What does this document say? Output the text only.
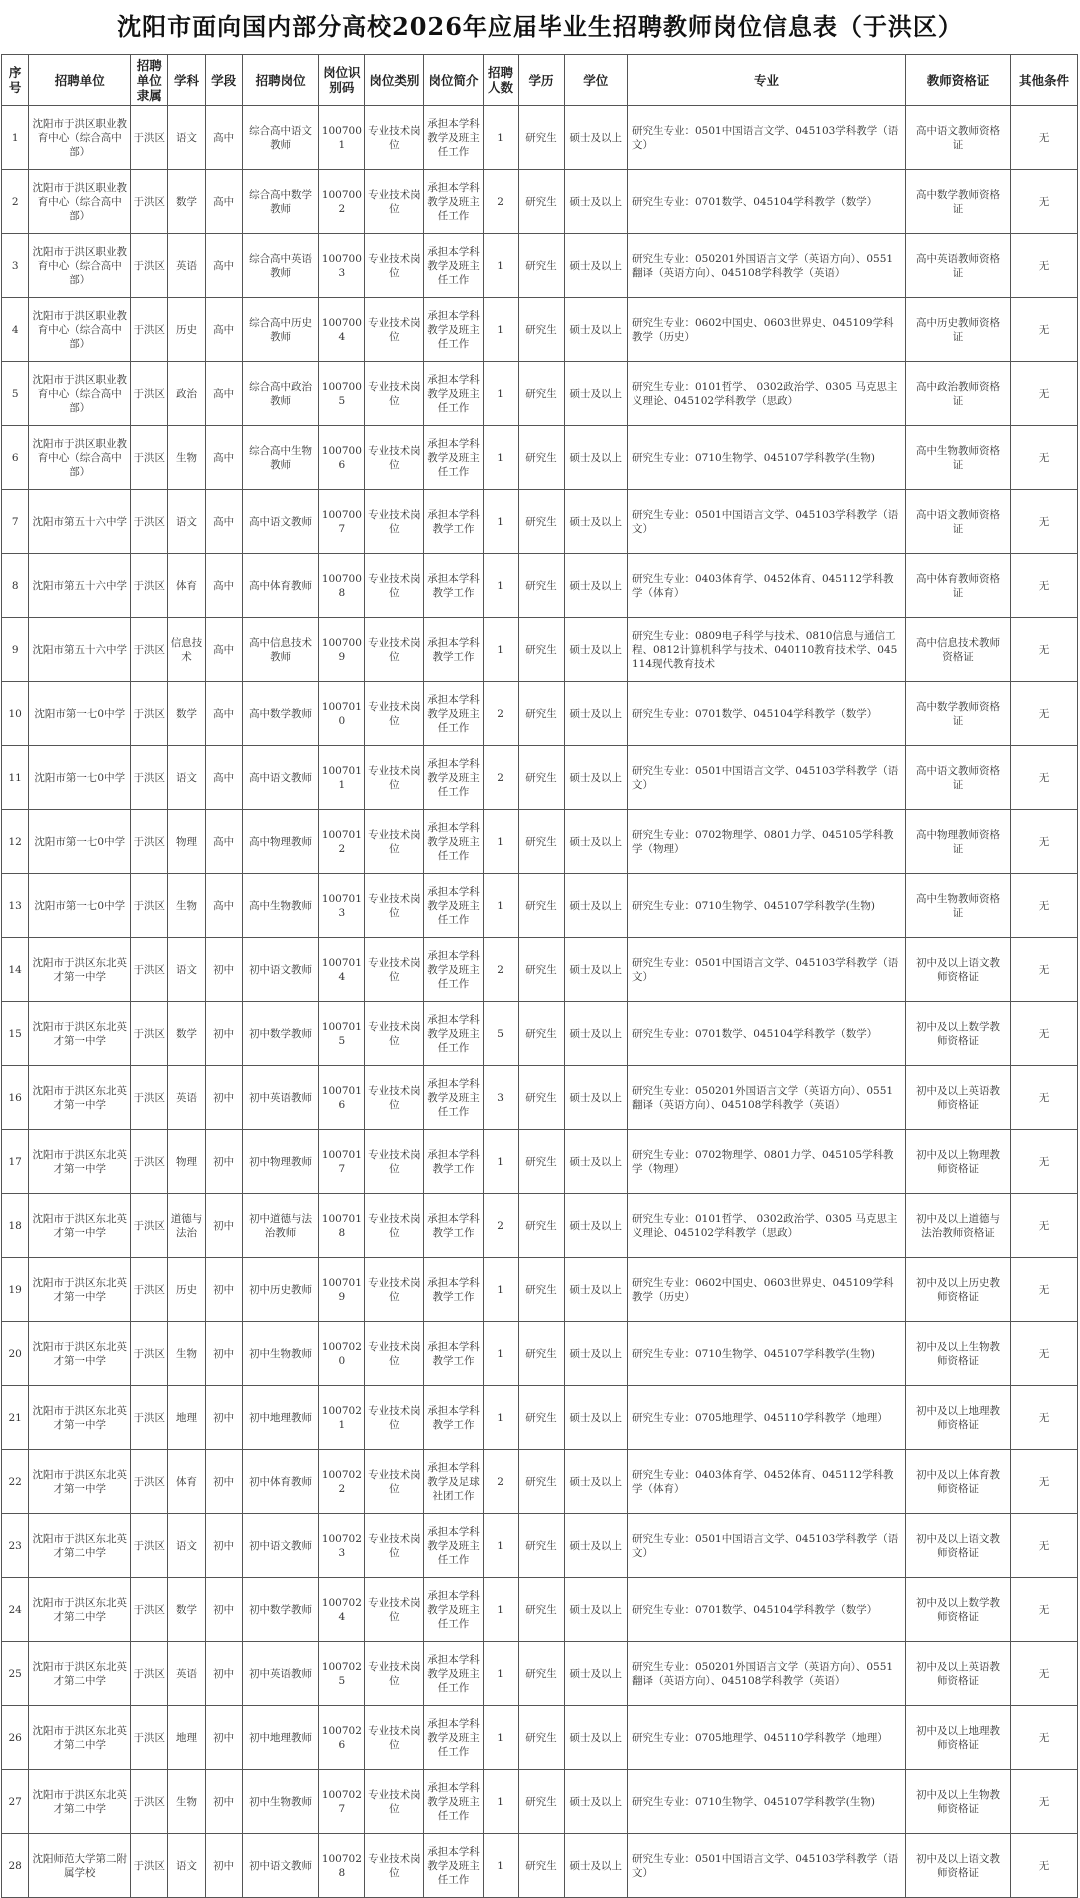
沈阳市面向国内部分高校2026年应届毕业生招聘教师岗位信息表（于洪区）
序号	招聘单位	招聘单位隶属	学科	学段	招聘岗位	岗位识别码	岗位类别	岗位简介	招聘人数	学历	学位	专业	教师资格证	其他条件
1	沈阳市于洪区职业教育中心（综合高中部）	于洪区	语文	高中	综合高中语文教师	1007001	专业技术岗位	承担本学科教学及班主任工作	1	研究生	硕士及以上	研究生专业：0501中国语言文学、045103学科教学（语文）	高中语文教师资格证	无
2	沈阳市于洪区职业教育中心（综合高中部）	于洪区	数学	高中	综合高中数学教师	1007002	专业技术岗位	承担本学科教学及班主任工作	2	研究生	硕士及以上	研究生专业：0701数学、045104学科教学（数学）	高中数学教师资格证	无
3	沈阳市于洪区职业教育中心（综合高中部）	于洪区	英语	高中	综合高中英语教师	1007003	专业技术岗位	承担本学科教学及班主任工作	1	研究生	硕士及以上	研究生专业：050201外国语言文学（英语方向）、0551翻译（英语方向）、045108学科教学（英语）	高中英语教师资格证	无
4	沈阳市于洪区职业教育中心（综合高中部）	于洪区	历史	高中	综合高中历史教师	1007004	专业技术岗位	承担本学科教学及班主任工作	1	研究生	硕士及以上	研究生专业：0602中国史、0603世界史、045109学科教学（历史）	高中历史教师资格证	无
5	沈阳市于洪区职业教育中心（综合高中部）	于洪区	政治	高中	综合高中政治教师	1007005	专业技术岗位	承担本学科教学及班主任工作	1	研究生	硕士及以上	研究生专业：0101哲学、 0302政治学、0305 马克思主义理论、045102学科教学（思政）	高中政治教师资格证	无
6	沈阳市于洪区职业教育中心（综合高中部）	于洪区	生物	高中	综合高中生物教师	1007006	专业技术岗位	承担本学科教学及班主任工作	1	研究生	硕士及以上	研究生专业：0710生物学、045107学科教学(生物)	高中生物教师资格证	无
7	沈阳市第五十六中学	于洪区	语文	高中	高中语文教师	1007007	专业技术岗位	承担本学科教学工作	1	研究生	硕士及以上	研究生专业：0501中国语言文学、045103学科教学（语文）	高中语文教师资格证	无
8	沈阳市第五十六中学	于洪区	体育	高中	高中体育教师	1007008	专业技术岗位	承担本学科教学工作	1	研究生	硕士及以上	研究生专业：0403体育学、0452体育、045112学科教学（体育）	高中体育教师资格证	无
9	沈阳市第五十六中学	于洪区	信息技术	高中	高中信息技术教师	1007009	专业技术岗位	承担本学科教学工作	1	研究生	硕士及以上	研究生专业：0809电子科学与技术、0810信息与通信工程、0812计算机科学与技术、040110教育技术学、045114现代教育技术	高中信息技术教师资格证	无
10	沈阳市第一七0中学	于洪区	数学	高中	高中数学教师	1007010	专业技术岗位	承担本学科教学及班主任工作	2	研究生	硕士及以上	研究生专业：0701数学、045104学科教学（数学）	高中数学教师资格证	无
11	沈阳市第一七0中学	于洪区	语文	高中	高中语文教师	1007011	专业技术岗位	承担本学科教学及班主任工作	2	研究生	硕士及以上	研究生专业：0501中国语言文学、045103学科教学（语文）	高中语文教师资格证	无
12	沈阳市第一七0中学	于洪区	物理	高中	高中物理教师	1007012	专业技术岗位	承担本学科教学及班主任工作	1	研究生	硕士及以上	研究生专业：0702物理学、0801力学、045105学科教学（物理）	高中物理教师资格证	无
13	沈阳市第一七0中学	于洪区	生物	高中	高中生物教师	1007013	专业技术岗位	承担本学科教学及班主任工作	1	研究生	硕士及以上	研究生专业：0710生物学、045107学科教学(生物)	高中生物教师资格证	无
14	沈阳市于洪区东北英才第一中学	于洪区	语文	初中	初中语文教师	1007014	专业技术岗位	承担本学科教学及班主任工作	2	研究生	硕士及以上	研究生专业：0501中国语言文学、045103学科教学（语文）	初中及以上语文教师资格证	无
15	沈阳市于洪区东北英才第一中学	于洪区	数学	初中	初中数学教师	1007015	专业技术岗位	承担本学科教学及班主任工作	5	研究生	硕士及以上	研究生专业：0701数学、045104学科教学（数学）	初中及以上数学教师资格证	无
16	沈阳市于洪区东北英才第一中学	于洪区	英语	初中	初中英语教师	1007016	专业技术岗位	承担本学科教学及班主任工作	3	研究生	硕士及以上	研究生专业：050201外国语言文学（英语方向）、0551翻译（英语方向）、045108学科教学（英语）	初中及以上英语教师资格证	无
17	沈阳市于洪区东北英才第一中学	于洪区	物理	初中	初中物理教师	1007017	专业技术岗位	承担本学科教学工作	1	研究生	硕士及以上	研究生专业：0702物理学、0801力学、045105学科教学（物理）	初中及以上物理教师资格证	无
18	沈阳市于洪区东北英才第一中学	于洪区	道德与法治	初中	初中道德与法治教师	1007018	专业技术岗位	承担本学科教学工作	2	研究生	硕士及以上	研究生专业：0101哲学、 0302政治学、0305 马克思主义理论、045102学科教学（思政）	初中及以上道德与法治教师资格证	无
19	沈阳市于洪区东北英才第一中学	于洪区	历史	初中	初中历史教师	1007019	专业技术岗位	承担本学科教学工作	1	研究生	硕士及以上	研究生专业：0602中国史、0603世界史、045109学科教学（历史）	初中及以上历史教师资格证	无
20	沈阳市于洪区东北英才第一中学	于洪区	生物	初中	初中生物教师	1007020	专业技术岗位	承担本学科教学工作	1	研究生	硕士及以上	研究生专业：0710生物学、045107学科教学(生物)	初中及以上生物教师资格证	无
21	沈阳市于洪区东北英才第一中学	于洪区	地理	初中	初中地理教师	1007021	专业技术岗位	承担本学科教学工作	1	研究生	硕士及以上	研究生专业：0705地理学、045110学科教学（地理）	初中及以上地理教师资格证	无
22	沈阳市于洪区东北英才第一中学	于洪区	体育	初中	初中体育教师	1007022	专业技术岗位	承担本学科教学及足球社团工作	2	研究生	硕士及以上	研究生专业：0403体育学、0452体育、045112学科教学（体育）	初中及以上体育教师资格证	无
23	沈阳市于洪区东北英才第二中学	于洪区	语文	初中	初中语文教师	1007023	专业技术岗位	承担本学科教学及班主任工作	1	研究生	硕士及以上	研究生专业：0501中国语言文学、045103学科教学（语文）	初中及以上语文教师资格证	无
24	沈阳市于洪区东北英才第二中学	于洪区	数学	初中	初中数学教师	1007024	专业技术岗位	承担本学科教学及班主任工作	1	研究生	硕士及以上	研究生专业：0701数学、045104学科教学（数学）	初中及以上数学教师资格证	无
25	沈阳市于洪区东北英才第二中学	于洪区	英语	初中	初中英语教师	1007025	专业技术岗位	承担本学科教学及班主任工作	1	研究生	硕士及以上	研究生专业：050201外国语言文学（英语方向）、0551翻译（英语方向）、045108学科教学（英语）	初中及以上英语教师资格证	无
26	沈阳市于洪区东北英才第二中学	于洪区	地理	初中	初中地理教师	1007026	专业技术岗位	承担本学科教学及班主任工作	1	研究生	硕士及以上	研究生专业：0705地理学、045110学科教学（地理）	初中及以上地理教师资格证	无
27	沈阳市于洪区东北英才第二中学	于洪区	生物	初中	初中生物教师	1007027	专业技术岗位	承担本学科教学及班主任工作	1	研究生	硕士及以上	研究生专业：0710生物学、045107学科教学(生物)	初中及以上生物教师资格证	无
28	沈阳师范大学第二附属学校	于洪区	语文	初中	初中语文教师	1007028	专业技术岗位	承担本学科教学及班主任工作	1	研究生	硕士及以上	研究生专业：0501中国语言文学、045103学科教学（语文）	初中及以上语文教师资格证	无
